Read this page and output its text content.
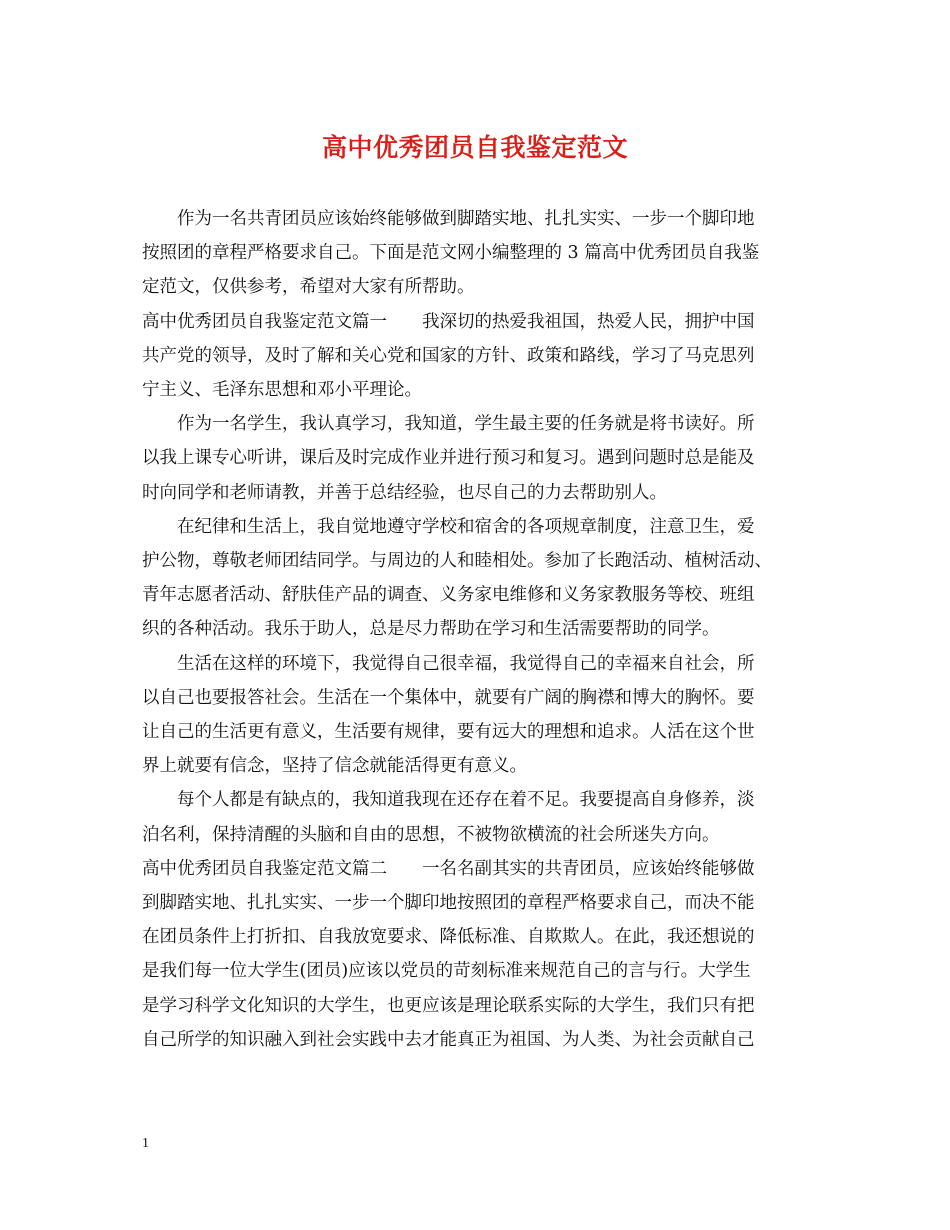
高中优秀团员自我鉴定范文
　　作为一名共青团员应该始终能够做到脚踏实地、扎扎实实、一步一个脚印地
按照团的章程严格要求自己。下面是范文网小编整理的 3 篇高中优秀团员自我鉴
定范文，仅供参考，希望对大家有所帮助。
高中优秀团员自我鉴定范文篇一　　我深切的热爱我祖国，热爱人民，拥护中国
共产党的领导，及时了解和关心党和国家的方针、政策和路线，学习了马克思列
宁主义、毛泽东思想和邓小平理论。
　　作为一名学生，我认真学习，我知道，学生最主要的任务就是将书读好。所
以我上课专心听讲，课后及时完成作业并进行预习和复习。遇到问题时总是能及
时向同学和老师请教，并善于总结经验，也尽自己的力去帮助别人。
　　在纪律和生活上，我自觉地遵守学校和宿舍的各项规章制度，注意卫生，爱
护公物，尊敬老师团结同学。与周边的人和睦相处。参加了长跑活动、植树活动、
青年志愿者活动、舒肤佳产品的调查、义务家电维修和义务家教服务等校、班组
织的各种活动。我乐于助人，总是尽力帮助在学习和生活需要帮助的同学。
　　生活在这样的环境下，我觉得自己很幸福，我觉得自己的幸福来自社会，所
以自己也要报答社会。生活在一个集体中，就要有广阔的胸襟和博大的胸怀。要
让自己的生活更有意义，生活要有规律，要有远大的理想和追求。人活在这个世
界上就要有信念，坚持了信念就能活得更有意义。
　　每个人都是有缺点的，我知道我现在还存在着不足。我要提高自身修养，淡
泊名利，保持清醒的头脑和自由的思想，不被物欲横流的社会所迷失方向。
高中优秀团员自我鉴定范文篇二　　一名名副其实的共青团员，应该始终能够做
到脚踏实地、扎扎实实、一步一个脚印地按照团的章程严格要求自己，而决不能
在团员条件上打折扣、自我放宽要求、降低标准、自欺欺人。在此，我还想说的
是我们每一位大学生(团员)应该以党员的苛刻标准来规范自己的言与行。大学生
是学习科学文化知识的大学生，也更应该是理论联系实际的大学生，我们只有把
自己所学的知识融入到社会实践中去才能真正为祖国、为人类、为社会贡献自己
1
